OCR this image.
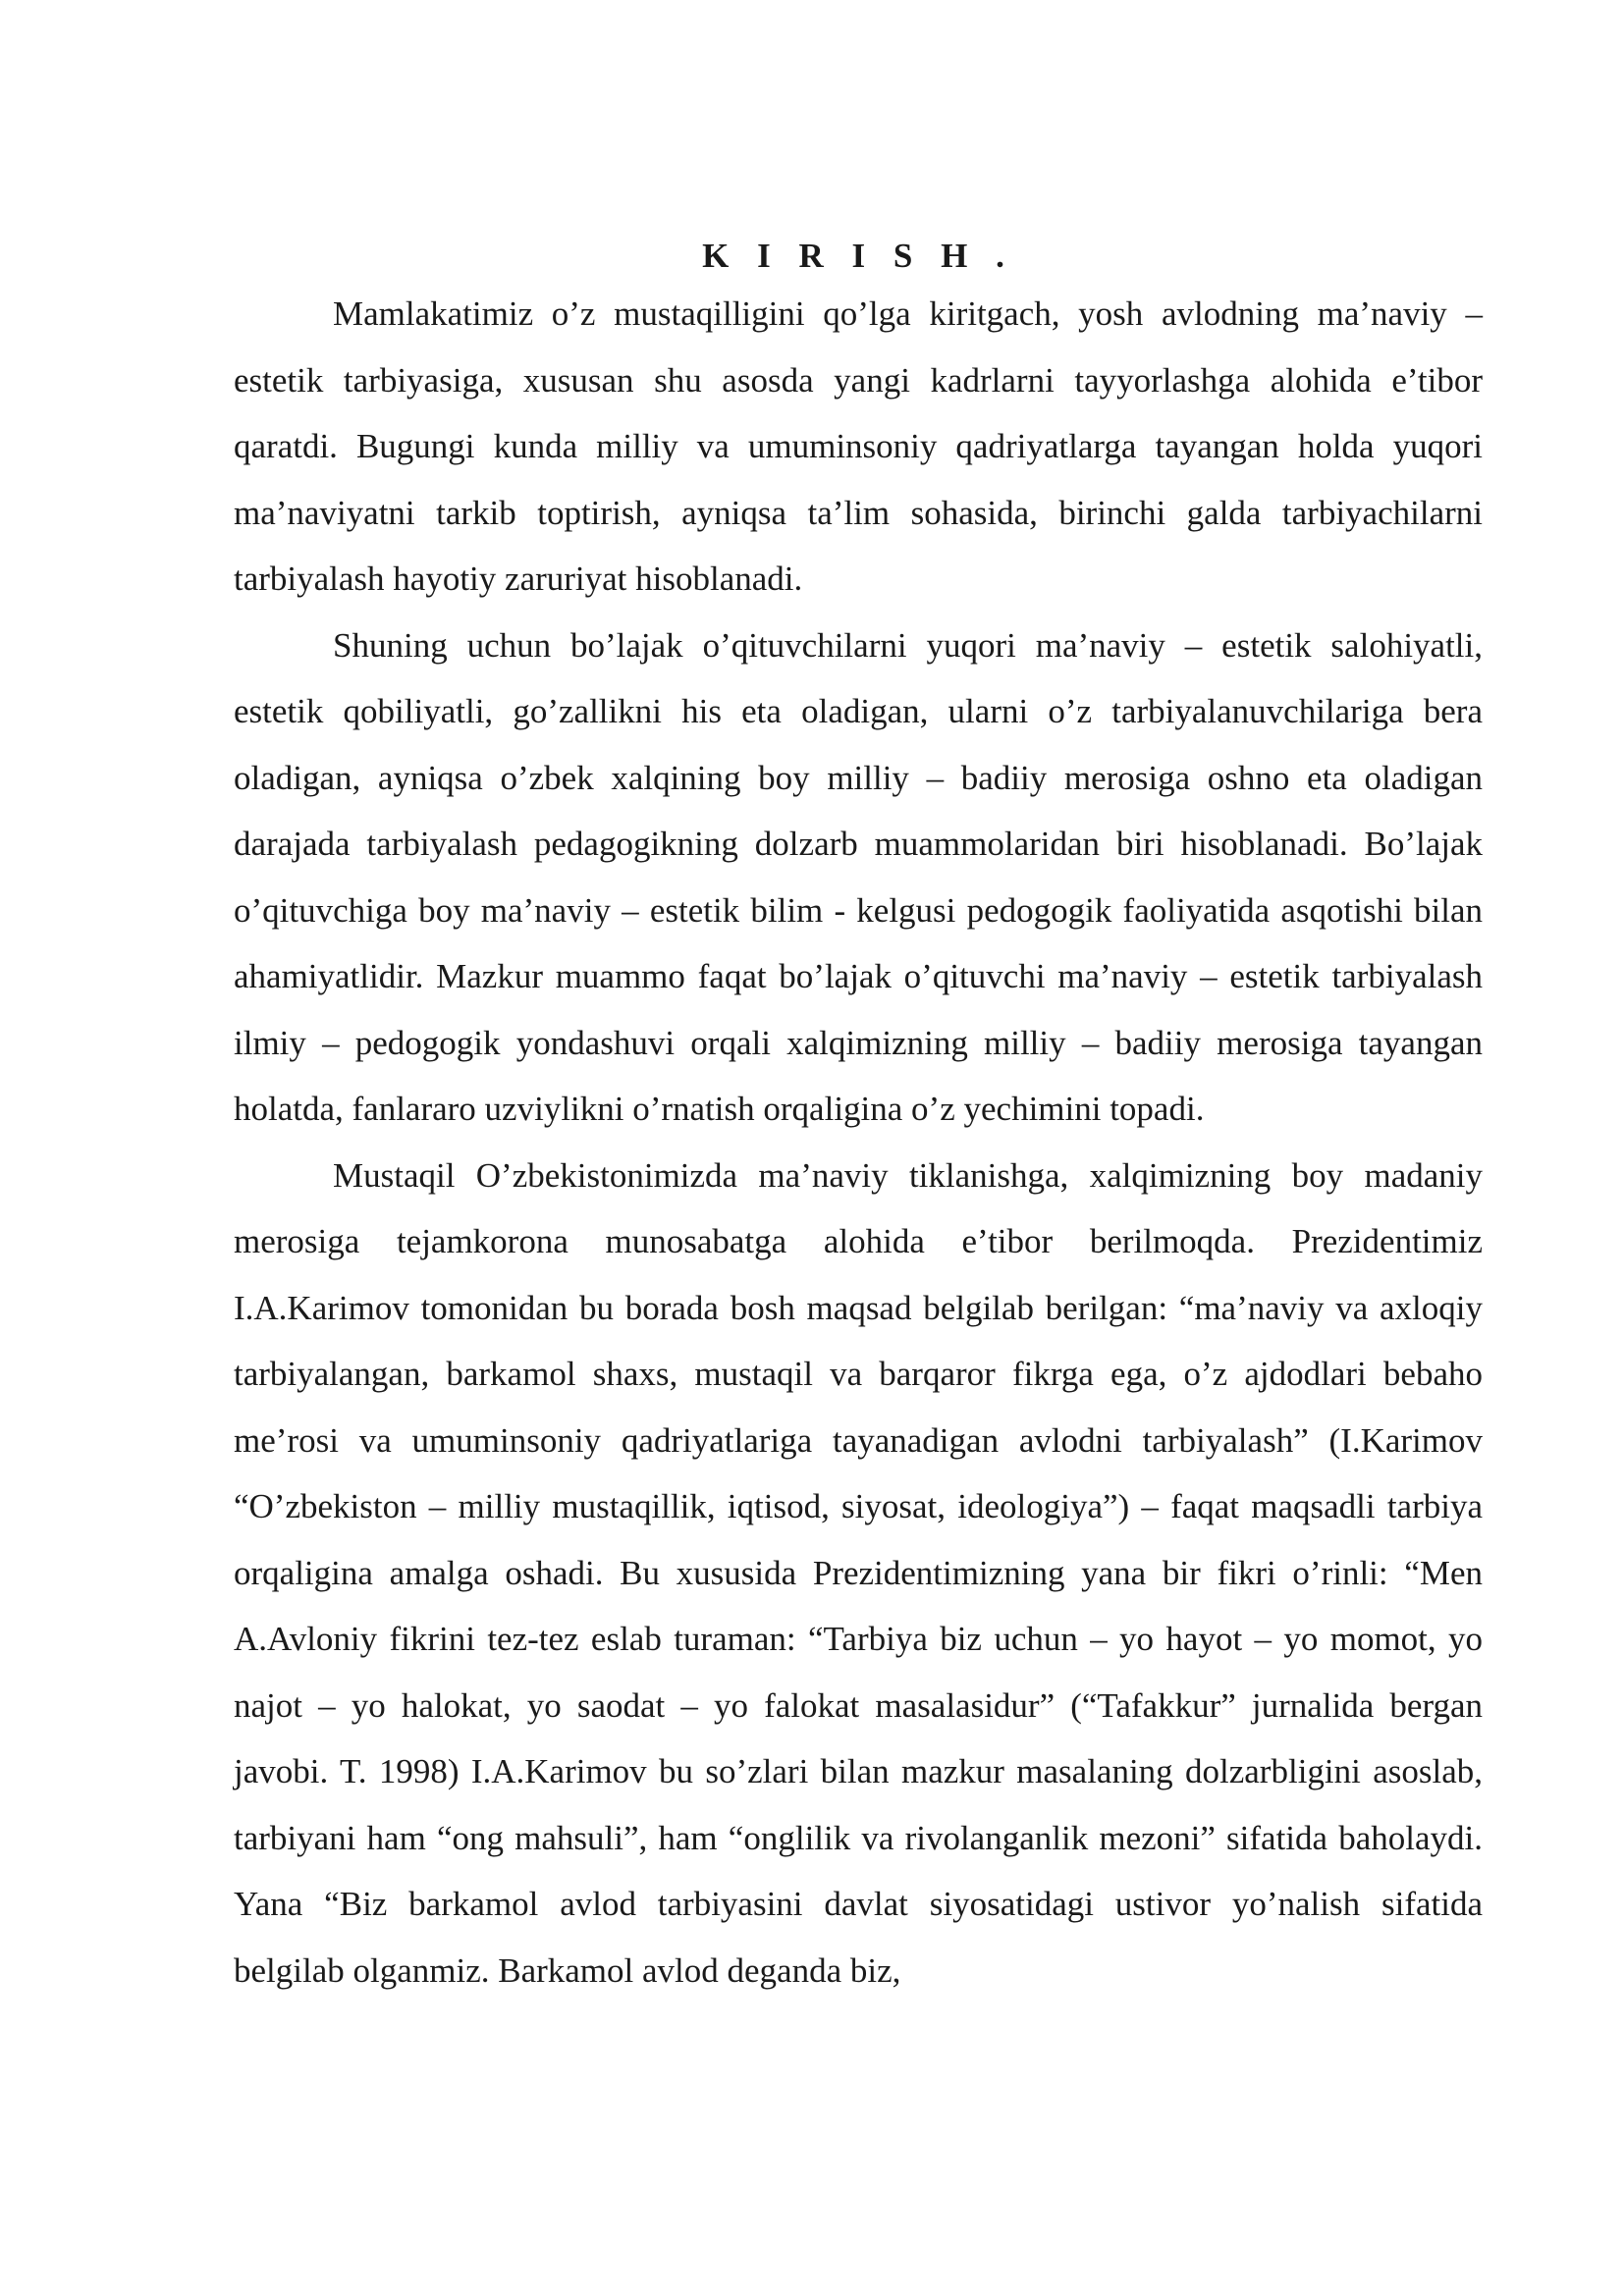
K I R I S H .

Mamlakatimiz o’z mustaqilligini qo’lga kiritgach, yosh avlodning ma’naviy – estetik tarbiyasiga, xususan shu asosda yangi kadrlarni tayyorlashga alohida e’tibor qaratdi. Bugungi kunda milliy va umuminsoniy qadriyatlarga tayangan holda yuqori ma’naviyatni tarkib toptirish, ayniqsa ta’lim sohasida, birinchi galda tarbiyachilarni tarbiyalash hayotiy zaruriyat hisoblanadi.

Shuning uchun bo’lajak o’qituvchilarni yuqori ma’naviy – estetik salohiyatli, estetik qobiliyatli, go’zallikni his eta oladigan, ularni o’z tarbiyalanuvchilariga bera oladigan, ayniqsa o’zbek xalqining boy milliy – badiiy merosiga oshno eta oladigan darajada tarbiyalash pedagogikning dolzarb muammolaridan biri hisoblanadi. Bo’lajak o’qituvchiga boy ma’naviy – estetik bilim - kelgusi pedogogik faoliyatida asqotishi bilan ahamiyatlidir. Mazkur muammo faqat bo’lajak o’qituvchi ma’naviy – estetik tarbiyalash ilmiy – pedogogik yondashuvi orqali xalqimizning milliy – badiiy merosiga tayangan holatda, fanlararo uzviylikni o’rnatish orqaligina o’z yechimini topadi.

Mustaqil O’zbekistonimizda ma’naviy tiklanishga, xalqimizning boy madaniy merosiga tejamkorona munosabatga alohida e’tibor berilmoqda. Prezidentimiz I.A.Karimov tomonidan bu borada bosh maqsad belgilab berilgan: “ma’naviy va axloqiy tarbiyalangan, barkamol shaxs, mustaqil va barqaror fikrga ega, o’z ajdodlari bebaho me’rosi va umuminsoniy qadriyatlariga tayanadigan avlodni tarbiyalash” (I.Karimov “O’zbekiston – milliy mustaqillik, iqtisod, siyosat, ideologiya”) – faqat maqsadli tarbiya orqaligina amalga oshadi. Bu xususida Prezidentimizning yana bir fikri o’rinli: “Men A.Avloniy fikrini tez-tez eslab turaman: “Tarbiya biz uchun – yo hayot – yo momot, yo najot – yo halokat, yo saodat – yo falokat masalasidur” (“Tafakkur” jurnalida bergan javobi. T. 1998) I.A.Karimov bu so’zlari bilan mazkur masalaning dolzarbligini asoslab, tarbiyani ham “ong mahsuli”, ham “onglilik va rivolanganlik mezoni” sifatida baholaydi. Yana “Biz barkamol avlod tarbiyasini davlat siyosatidagi ustivor yo’nalish sifatida belgilab olganmiz. Barkamol avlod deganda biz,
